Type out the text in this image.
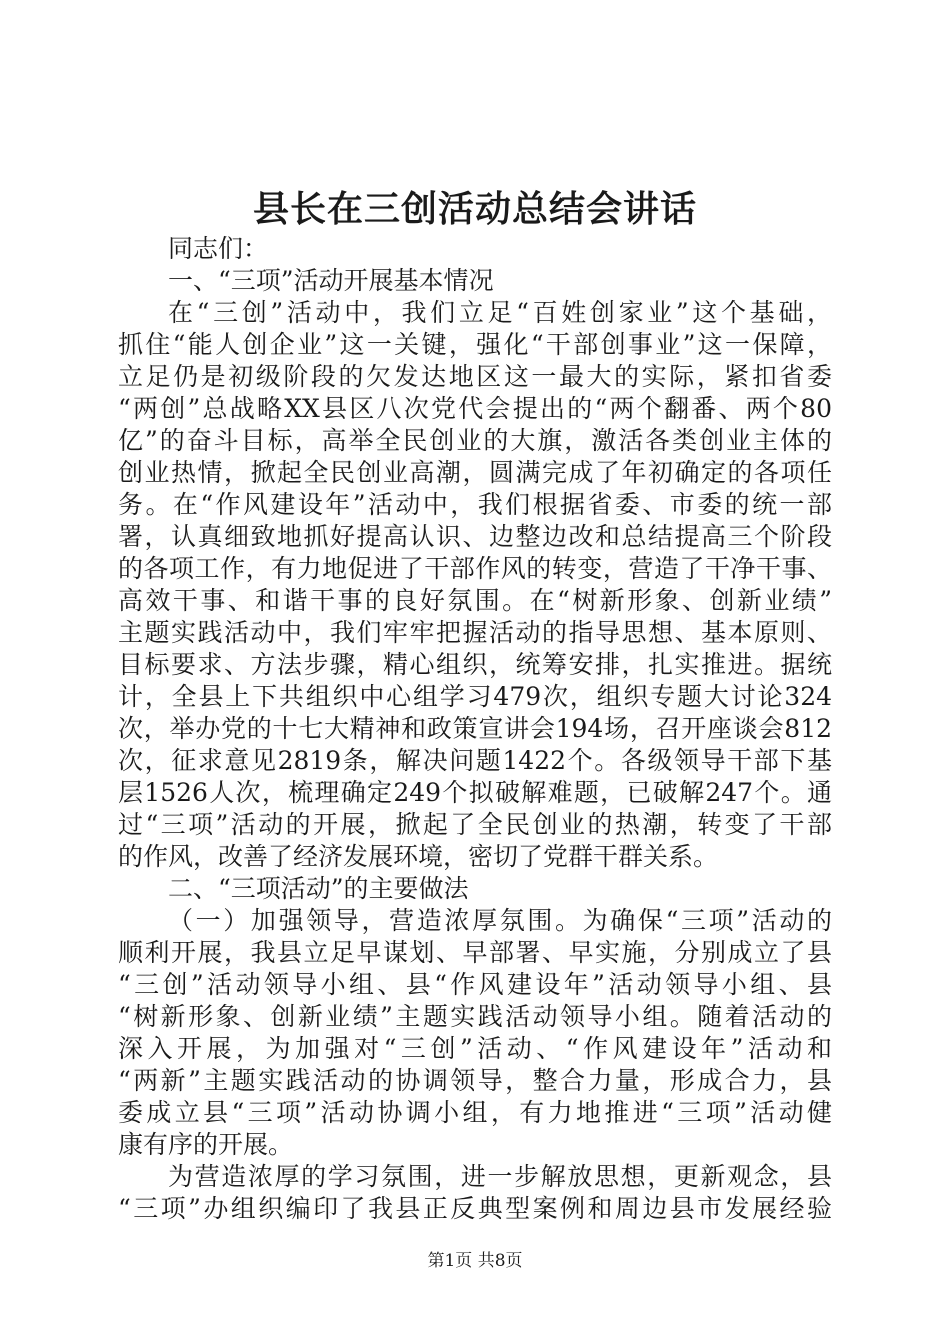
县长在三创活动总结会讲话
同志们：
一、“三项”活动开展基本情况
在“三创”活动中，我们立足“百姓创家业”这个基础，
抓住“能人创企业”这一关键，强化“干部创事业”这一保障，
立足仍是初级阶段的欠发达地区这一最大的实际，紧扣省委
“两创”总战略XX县区八次党代会提出的“两个翻番、两个80
亿”的奋斗目标，高举全民创业的大旗，激活各类创业主体的
创业热情，掀起全民创业高潮，圆满完成了年初确定的各项任
务。在“作风建设年”活动中，我们根据省委、市委的统一部
署，认真细致地抓好提高认识、边整边改和总结提高三个阶段
的各项工作，有力地促进了干部作风的转变，营造了干净干事、
高效干事、和谐干事的良好氛围。在“树新形象、创新业绩”
主题实践活动中，我们牢牢把握活动的指导思想、基本原则、
目标要求、方法步骤，精心组织，统筹安排，扎实推进。据统
计，全县上下共组织中心组学习479次，组织专题大讨论324
次，举办党的十七大精神和政策宣讲会194场，召开座谈会812
次，征求意见2819条，解决问题1422个。各级领导干部下基
层1526人次，梳理确定249个拟破解难题，已破解247个。通
过“三项”活动的开展，掀起了全民创业的热潮，转变了干部
的作风，改善了经济发展环境，密切了党群干群关系。
二、“三项活动”的主要做法
（一）加强领导，营造浓厚氛围。为确保“三项”活动的
顺利开展，我县立足早谋划、早部署、早实施，分别成立了县
“三创”活动领导小组、县“作风建设年”活动领导小组、县
“树新形象、创新业绩”主题实践活动领导小组。随着活动的
深入开展，为加强对“三创”活动、“作风建设年”活动和
“两新”主题实践活动的协调领导，整合力量，形成合力，县
委成立县“三项”活动协调小组，有力地推进“三项”活动健
康有序的开展。
为营造浓厚的学习氛围，进一步解放思想，更新观念，县
“三项”办组织编印了我县正反典型案例和周边县市发展经验
第1页 共8页
